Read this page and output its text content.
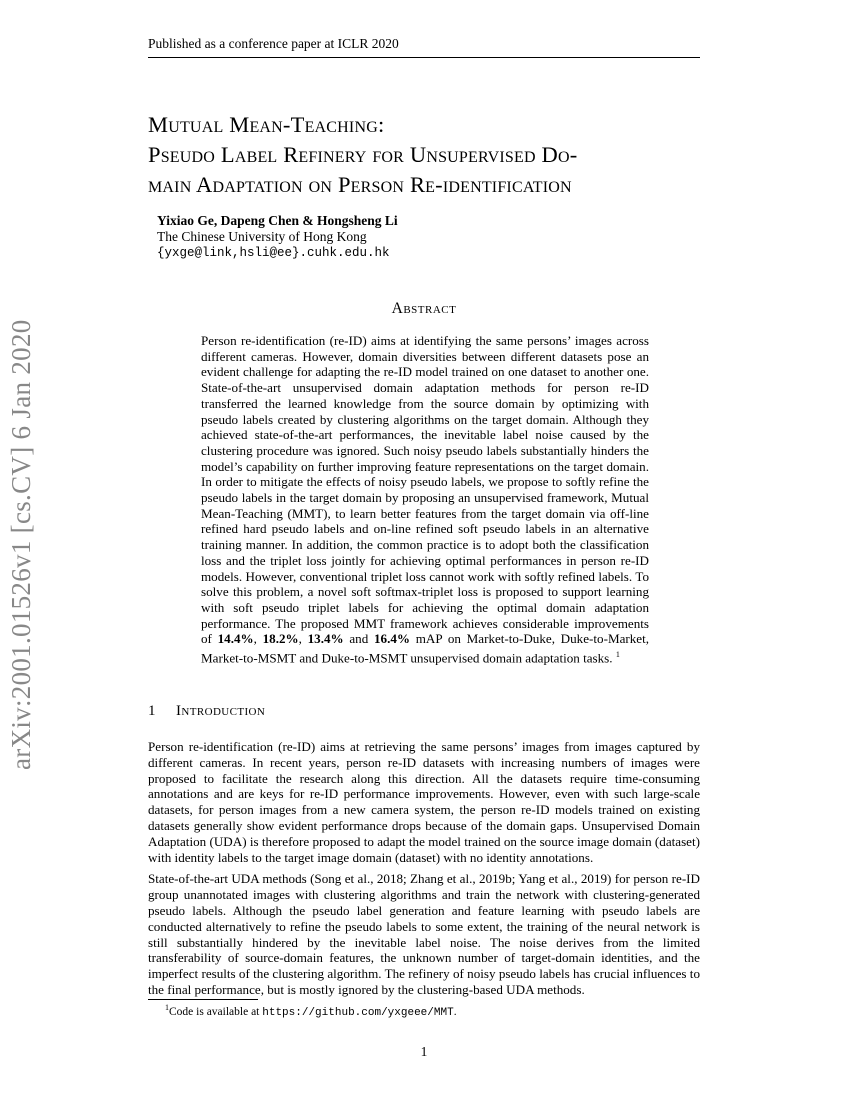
Published as a conference paper at ICLR 2020
Mutual Mean-Teaching:
Pseudo Label Refinery for Unsupervised Do-
main Adaptation on Person Re-identification
Yixiao Ge, Dapeng Chen & Hongsheng Li
The Chinese University of Hong Kong
{yxge@link,hsli@ee}.cuhk.edu.hk
arXiv:2001.01526v1 [cs.CV] 6 Jan 2020
Abstract

Person re-identification (re-ID) aims at identifying the same persons’ images across different cameras. However, domain diversities between different datasets pose an evident challenge for adapting the re-ID model trained on one dataset to another one. State-of-the-art unsupervised domain adaptation methods for person re-ID transferred the learned knowledge from the source domain by optimizing with pseudo labels created by clustering algorithms on the target domain. Although they achieved state-of-the-art performances, the inevitable label noise caused by the clustering procedure was ignored. Such noisy pseudo labels substantially hinders the model’s capability on further improving feature representations on the target domain. In order to mitigate the effects of noisy pseudo labels, we propose to softly refine the pseudo labels in the target domain by proposing an unsupervised framework, Mutual Mean-Teaching (MMT), to learn better features from the target domain via off-line refined hard pseudo labels and on-line refined soft pseudo labels in an alternative training manner. In addition, the common practice is to adopt both the classification loss and the triplet loss jointly for achieving optimal performances in person re-ID models. However, conventional triplet loss cannot work with softly refined labels. To solve this problem, a novel soft softmax-triplet loss is proposed to support learning with soft pseudo triplet labels for achieving the optimal domain adaptation performance. The proposed MMT framework achieves considerable improvements of 14.4%, 18.2%, 13.4% and 16.4% mAP on Market-to-Duke, Duke-to-Market, Market-to-MSMT and Duke-to-MSMT unsupervised domain adaptation tasks. $^1$

1 Introduction

Person re-identification (re-ID) aims at retrieving the same persons’ images from images captured by different cameras. In recent years, person re-ID datasets with increasing numbers of images were proposed to facilitate the research along this direction. All the datasets require time-consuming annotations and are keys for re-ID performance improvements. However, even with such large-scale datasets, for person images from a new camera system, the person re-ID models trained on existing datasets generally show evident performance drops because of the domain gaps. Unsupervised Domain Adaptation (UDA) is therefore proposed to adapt the model trained on the source image domain (dataset) with identity labels to the target image domain (dataset) with no identity annotations.

State-of-the-art UDA methods (Song et al., 2018; Zhang et al., 2019b; Yang et al., 2019) for person re-ID group unannotated images with clustering algorithms and train the network with clustering-generated pseudo labels. Although the pseudo label generation and feature learning with pseudo labels are conducted alternatively to refine the pseudo labels to some extent, the training of the neural network is still substantially hindered by the inevitable label noise. The noise derives from the limited transferability of source-domain features, the unknown number of target-domain identities, and the imperfect results of the clustering algorithm. The refinery of noisy pseudo labels has crucial influences to the final performance, but is mostly ignored by the clustering-based UDA methods.

$^1$Code is available at https://github.com/yxgeee/MMT.
1
